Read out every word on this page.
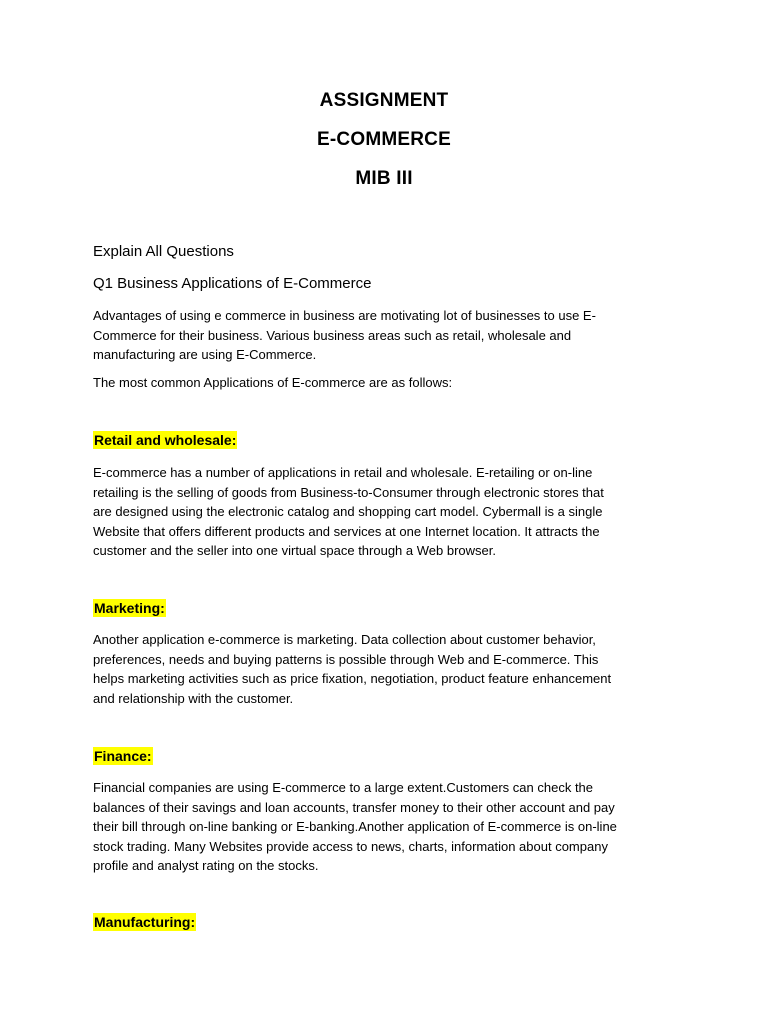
ASSIGNMENT
E-COMMERCE
MIB III
Explain All Questions
Q1 Business Applications of E-Commerce
Advantages of using e commerce in business are motivating lot of businesses to use E-
Commerce for their business. Various business areas such as retail, wholesale and
manufacturing are using E-Commerce.
The most common Applications of E-commerce are as follows:
Retail and wholesale:
E-commerce has a number of applications in retail and wholesale. E-retailing or on-line
retailing is the selling of goods from Business-to-Consumer through electronic stores that
are designed using the electronic catalog and shopping cart model. Cybermall is a single
Website that offers different products and services at one Internet location. It attracts the
customer and the seller into one virtual space through a Web browser.
Marketing:
Another application e-commerce is marketing. Data collection about customer behavior,
preferences, needs and buying patterns is possible through Web and E-commerce. This
helps marketing activities such as price fixation, negotiation, product feature enhancement
and relationship with the customer.
Finance:
Financial companies are using E-commerce to a large extent.Customers can check the
balances of their savings and loan accounts, transfer money to their other account and pay
their bill through on-line banking or E-banking.Another application of E-commerce is on-line
stock trading. Many Websites provide access to news, charts, information about company
profile and analyst rating on the stocks.
Manufacturing:
